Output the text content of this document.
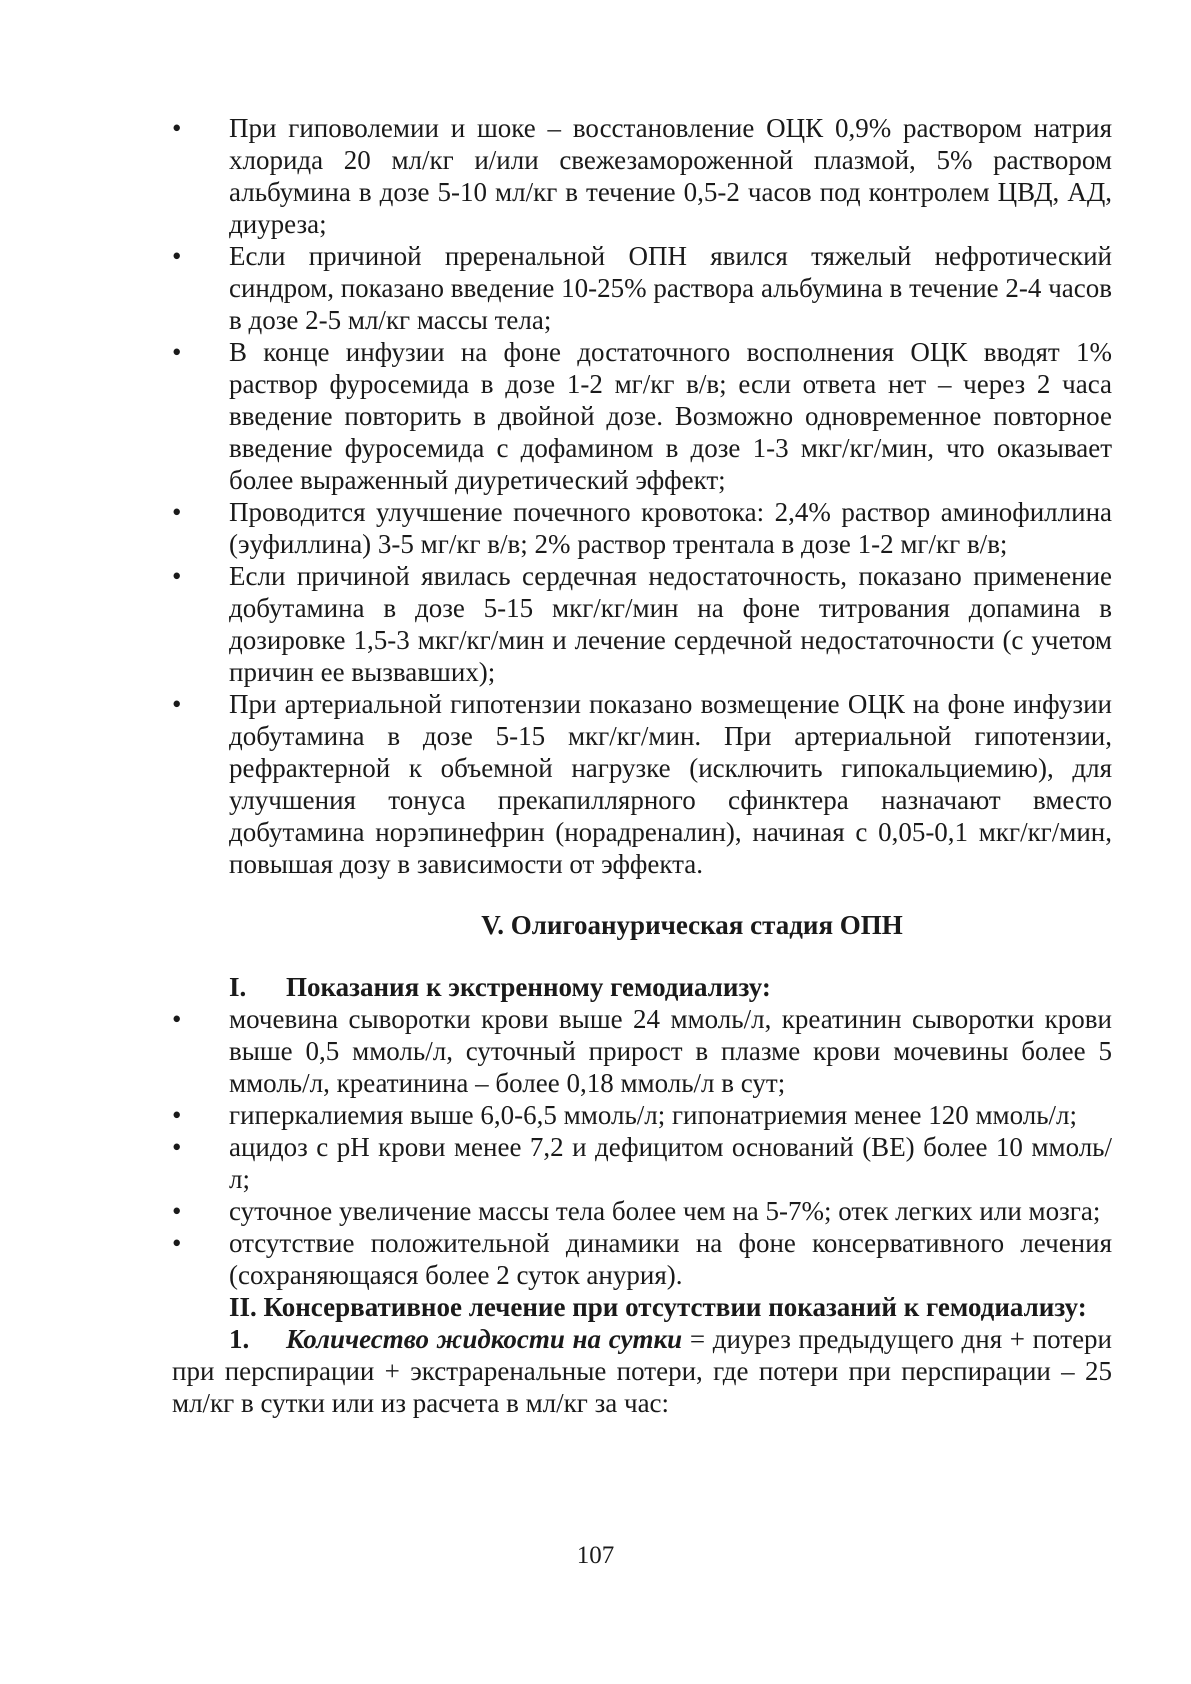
• При гиповолемии и шоке – восстановление ОЦК 0,9% раствором натрия хлорида 20 мл/кг и/или свежезамороженной плазмой, 5% раствором альбумина в дозе 5-10 мл/кг в течение 0,5-2 часов под контролем ЦВД, АД, диуреза;
• Если причиной преренальной ОПН явился тяжелый нефротический синдром, показано введение 10-25% раствора альбумина в течение 2-4 часов в дозе 2-5 мл/кг массы тела;
• В конце инфузии на фоне достаточного восполнения ОЦК вводят 1% раствор фуросемида в дозе 1-2 мг/кг в/в; если ответа нет – через 2 часа введение повторить в двойной дозе. Возможно одновременное повторное введение фуросемида с дофамином в дозе 1-3 мкг/кг/мин, что оказывает более выраженный диуретический эффект;
• Проводится улучшение почечного кровотока: 2,4% раствор аминофиллина (эуфиллина) 3-5 мг/кг в/в; 2% раствор трентала в дозе 1-2 мг/кг в/в;
• Если причиной явилась сердечная недостаточность, показано применение добутамина в дозе 5-15 мкг/кг/мин на фоне титрования допамина в дозировке 1,5-3 мкг/кг/мин и лечение сердечной недостаточности (с учетом причин ее вызвавших);
• При артериальной гипотензии показано возмещение ОЦК на фоне инфузии добутамина в дозе 5-15 мкг/кг/мин. При артериальной гипотензии, рефрактерной к объемной нагрузке (исключить гипокальциемию), для улучшения тонуса прекапиллярного сфинктера назначают вместо добутамина норэпинефрин (норадреналин), начиная с 0,05-0,1 мкг/кг/мин, повышая дозу в зависимости от эффекта.
V. Олигоанурическая стадия ОПН
I. Показания к экстренному гемодиализу:
• мочевина сыворотки крови выше 24 ммоль/л, креатинин сыворотки крови выше 0,5 ммоль/л, суточный прирост в плазме крови мочевины более 5 ммоль/л, креатинина – более 0,18 ммоль/л в сут;
• гиперкалиемия выше 6,0-6,5 ммоль/л; гипонатриемия менее 120 ммоль/л;
• ацидоз с рН крови менее 7,2 и дефицитом оснований (BE) более 10 ммоль/л;
• суточное увеличение массы тела более чем на 5-7%; отек легких или мозга;
• отсутствие положительной динамики на фоне консервативного лечения (сохраняющаяся более 2 суток анурия).
II. Консервативное лечение при отсутствии показаний к гемодиализу:
1. Количество жидкости на сутки = диурез предыдущего дня + потери при перспирации + экстраренальные потери, где потери при перспирации – 25 мл/кг в сутки или из расчета в мл/кг за час:
107
